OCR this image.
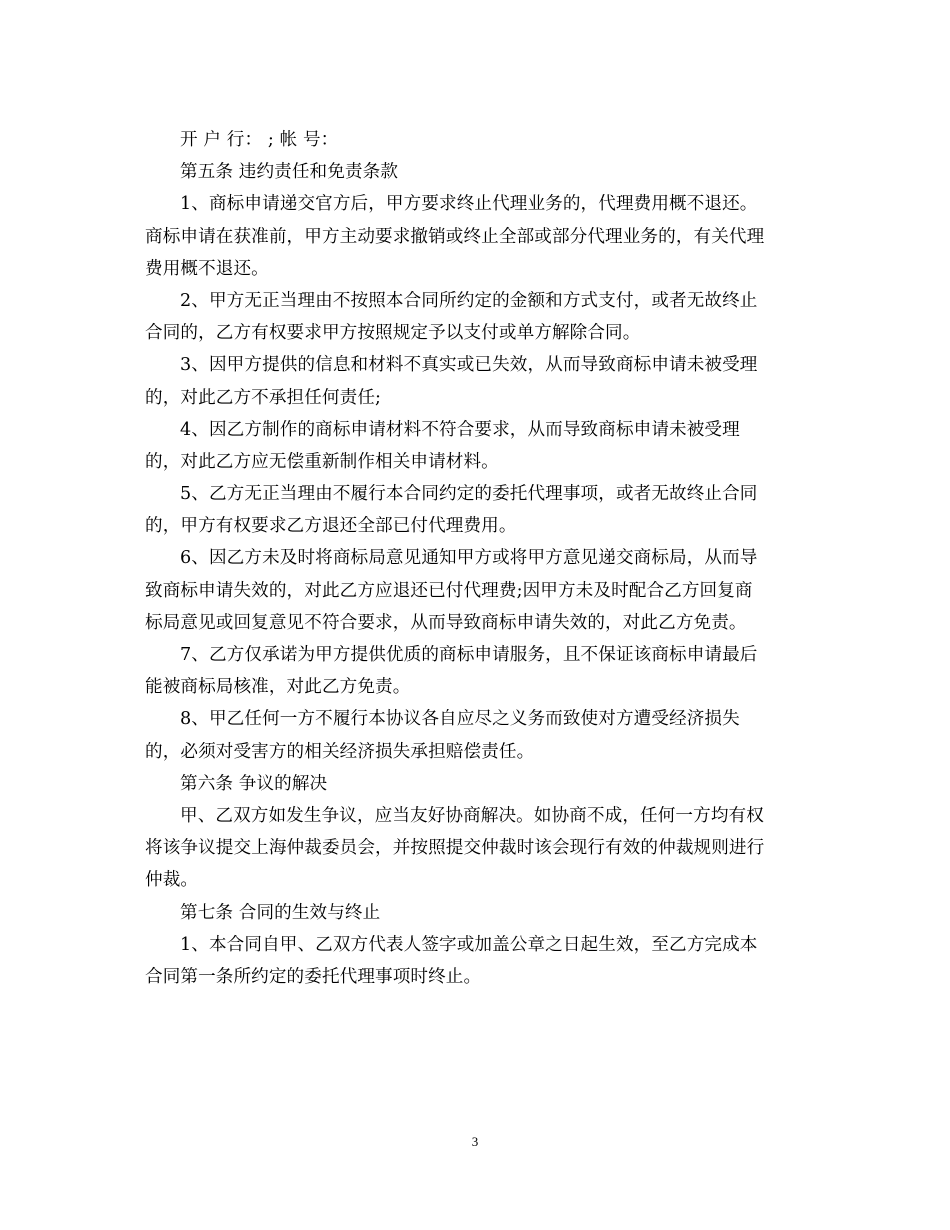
开 户 行： ; 帐 号：
第五条 违约责任和免责条款
1、商标申请递交官方后，甲方要求终止代理业务的，代理费用概不退还。
商标申请在获准前，甲方主动要求撤销或终止全部或部分代理业务的，有关代理
费用概不退还。
2、甲方无正当理由不按照本合同所约定的金额和方式支付，或者无故终止
合同的，乙方有权要求甲方按照规定予以支付或单方解除合同。
3、因甲方提供的信息和材料不真实或已失效，从而导致商标申请未被受理
的，对此乙方不承担任何责任;
4、因乙方制作的商标申请材料不符合要求，从而导致商标申请未被受理
的，对此乙方应无偿重新制作相关申请材料。
5、乙方无正当理由不履行本合同约定的委托代理事项，或者无故终止合同
的，甲方有权要求乙方退还全部已付代理费用。
6、因乙方未及时将商标局意见通知甲方或将甲方意见递交商标局，从而导
致商标申请失效的，对此乙方应退还已付代理费;因甲方未及时配合乙方回复商
标局意见或回复意见不符合要求，从而导致商标申请失效的，对此乙方免责。
7、乙方仅承诺为甲方提供优质的商标申请服务，且不保证该商标申请最后
能被商标局核准，对此乙方免责。
8、甲乙任何一方不履行本协议各自应尽之义务而致使对方遭受经济损失
的，必须对受害方的相关经济损失承担赔偿责任。
第六条 争议的解决
甲、乙双方如发生争议，应当友好协商解决。如协商不成，任何一方均有权
将该争议提交上海仲裁委员会，并按照提交仲裁时该会现行有效的仲裁规则进行
仲裁。
第七条 合同的生效与终止
1、本合同自甲、乙双方代表人签字或加盖公章之日起生效，至乙方完成本
合同第一条所约定的委托代理事项时终止。
3
